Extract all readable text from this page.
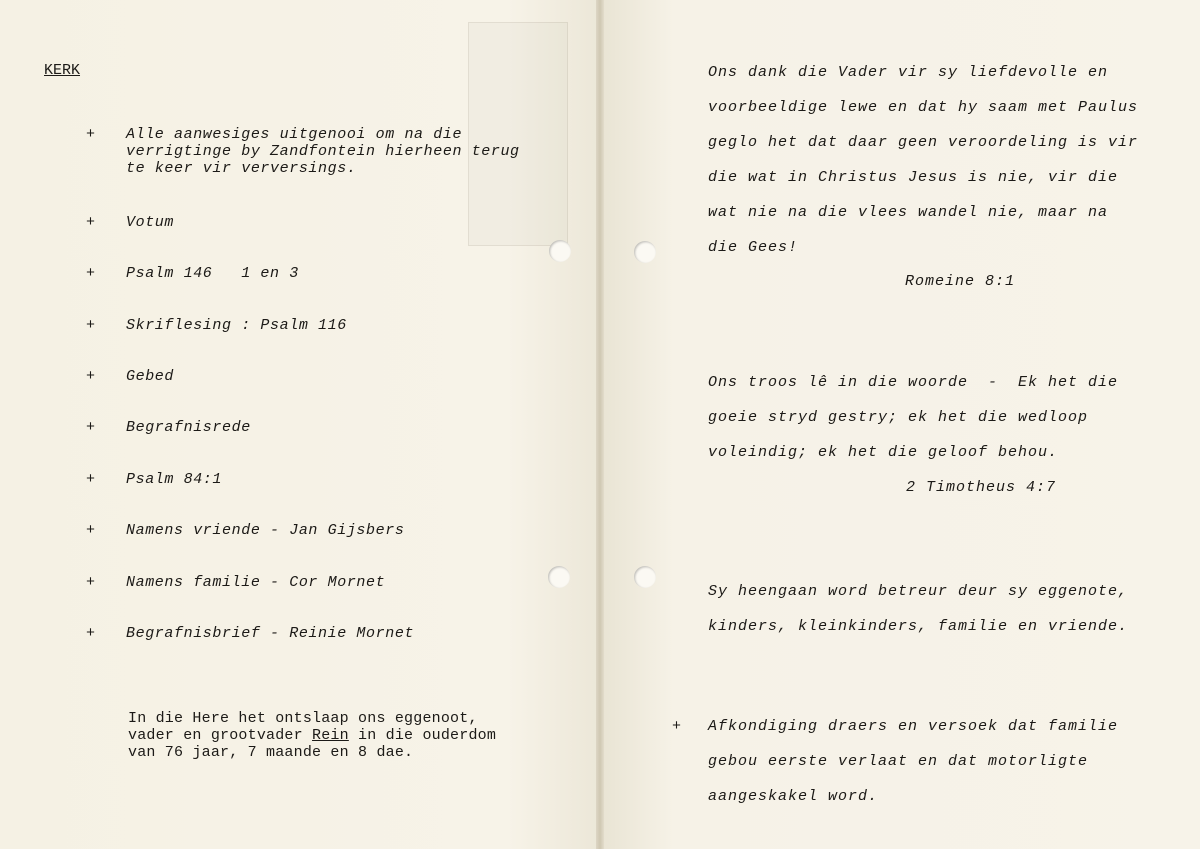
KERK
+ Alle aanwesiges uitgenooi om na die
verrigtinge by Zandfontein hierheen terug
te keer vir verversings.
+ Votum
+ Psalm 146   1 en 3
+ Skriflesing : Psalm 116
+ Gebed
+ Begrafnisrede
+ Psalm 84:1
+ Namens vriende - Jan Gijsbers
+ Namens familie - Cor Mornet
+ Begrafnisbrief - Reinie Mornet
In die Here het ontslaap ons eggenoot,
vader en grootvader Rein in die ouderdom
van 76 jaar, 7 maande en 8 dae.
Ons dank die Vader vir sy liefdevolle en
voorbeeldige lewe en dat hy saam met Paulus
geglo het dat daar geen veroordeling is vir
die wat in Christus Jesus is nie, vir die
wat nie na die vlees wandel nie, maar na
die Gees!
Romeine 8:1
Ons troos lê in die woorde  -  Ek het die
goeie stryd gestry; ek het die wedloop
voleindig; ek het die geloof behou.
2 Timotheus 4:7
Sy heengaan word betreur deur sy eggenote,
kinders, kleinkinders, familie en vriende.
+ Afkondiging draers en versoek dat familie
gebou eerste verlaat en dat motorligte
aangeskakel word.
